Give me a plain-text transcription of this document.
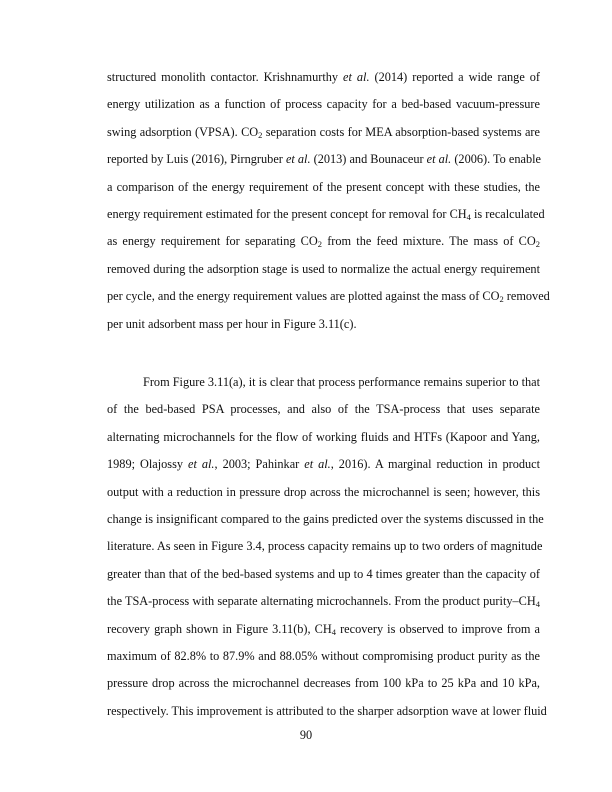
structured monolith contactor. Krishnamurthy et al. (2014) reported a wide range of
energy utilization as a function of process capacity for a bed-based vacuum-pressure
swing adsorption (VPSA). $CO_2$ separation costs for MEA absorption-based systems are
reported by Luis (2016), Pirngruber et al. (2013) and Bounaceur et al. (2006). To enable
a comparison of the energy requirement of the present concept with these studies, the
energy requirement estimated for the present concept for removal for $CH_4$ is recalculated
as energy requirement for separating $CO_2$ from the feed mixture. The mass of $CO_2$
removed during the adsorption stage is used to normalize the actual energy requirement
per cycle, and the energy requirement values are plotted against the mass of $CO_2$ removed
per unit adsorbent mass per hour in Figure 3.11(c).
From Figure 3.11(a), it is clear that process performance remains superior to that
of the bed-based PSA processes, and also of the TSA-process that uses separate
alternating microchannels for the flow of working fluids and HTFs (Kapoor and Yang,
1989; Olajossy et al., 2003; Pahinkar et al., 2016). A marginal reduction in product
output with a reduction in pressure drop across the microchannel is seen; however, this
change is insignificant compared to the gains predicted over the systems discussed in the
literature. As seen in Figure 3.4, process capacity remains up to two orders of magnitude
greater than that of the bed-based systems and up to 4 times greater than the capacity of
the TSA-process with separate alternating microchannels. From the product purity–$CH_4$
recovery graph shown in Figure 3.11(b), $CH_4$ recovery is observed to improve from a
maximum of 82.8% to 87.9% and 88.05% without compromising product purity as the
pressure drop across the microchannel decreases from 100 kPa to 25 kPa and 10 kPa,
respectively. This improvement is attributed to the sharper adsorption wave at lower fluid
90
